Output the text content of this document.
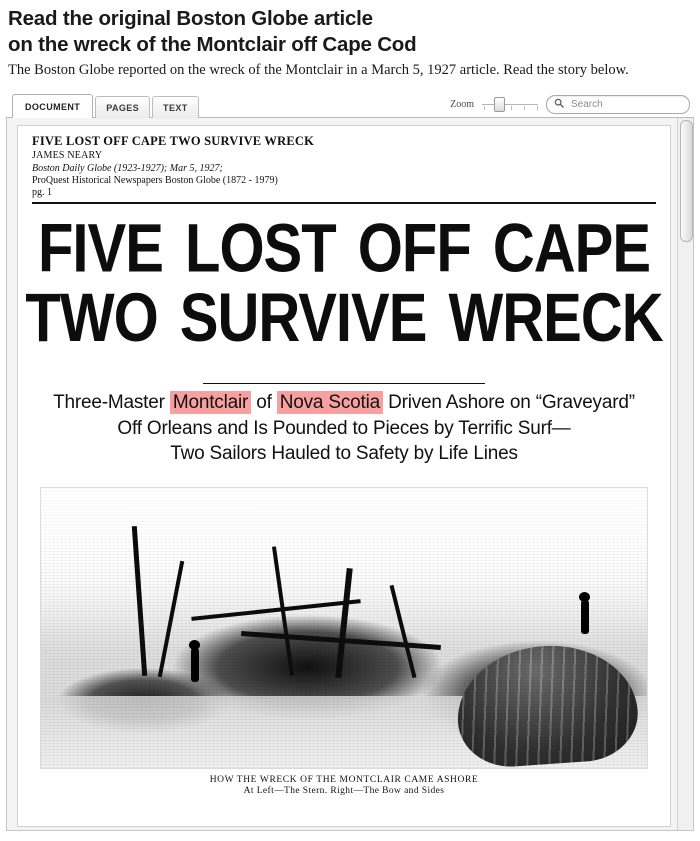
Read the original Boston Globe article
on the wreck of the Montclair off Cape Cod

The Boston Globe reported on the wreck of the Montclair in a March 5, 1927 article. Read the story below.

DOCUMENT	PAGES	TEXT	Zoom
Search
FIVE LOST OFF CAPE TWO SURVIVE WRECK
JAMES NEARY
Boston Daily Globe (1923-1927); Mar 5, 1927;
ProQuest Historical Newspapers Boston Globe (1872 - 1979)
pg. 1
FIVE LOST OFF CAPE
TWO SURVIVE WRECK
Three-Master Montclair of Nova Scotia Driven Ashore on “Graveyard”
Off Orleans and Is Pounded to Pieces by Terrific Surf—
Two Sailors Hauled to Safety by Life Lines
HOW THE WRECK OF THE MONTCLAIR CAME ASHORE
At Left—The Stern. Right—The Bow and Sides
